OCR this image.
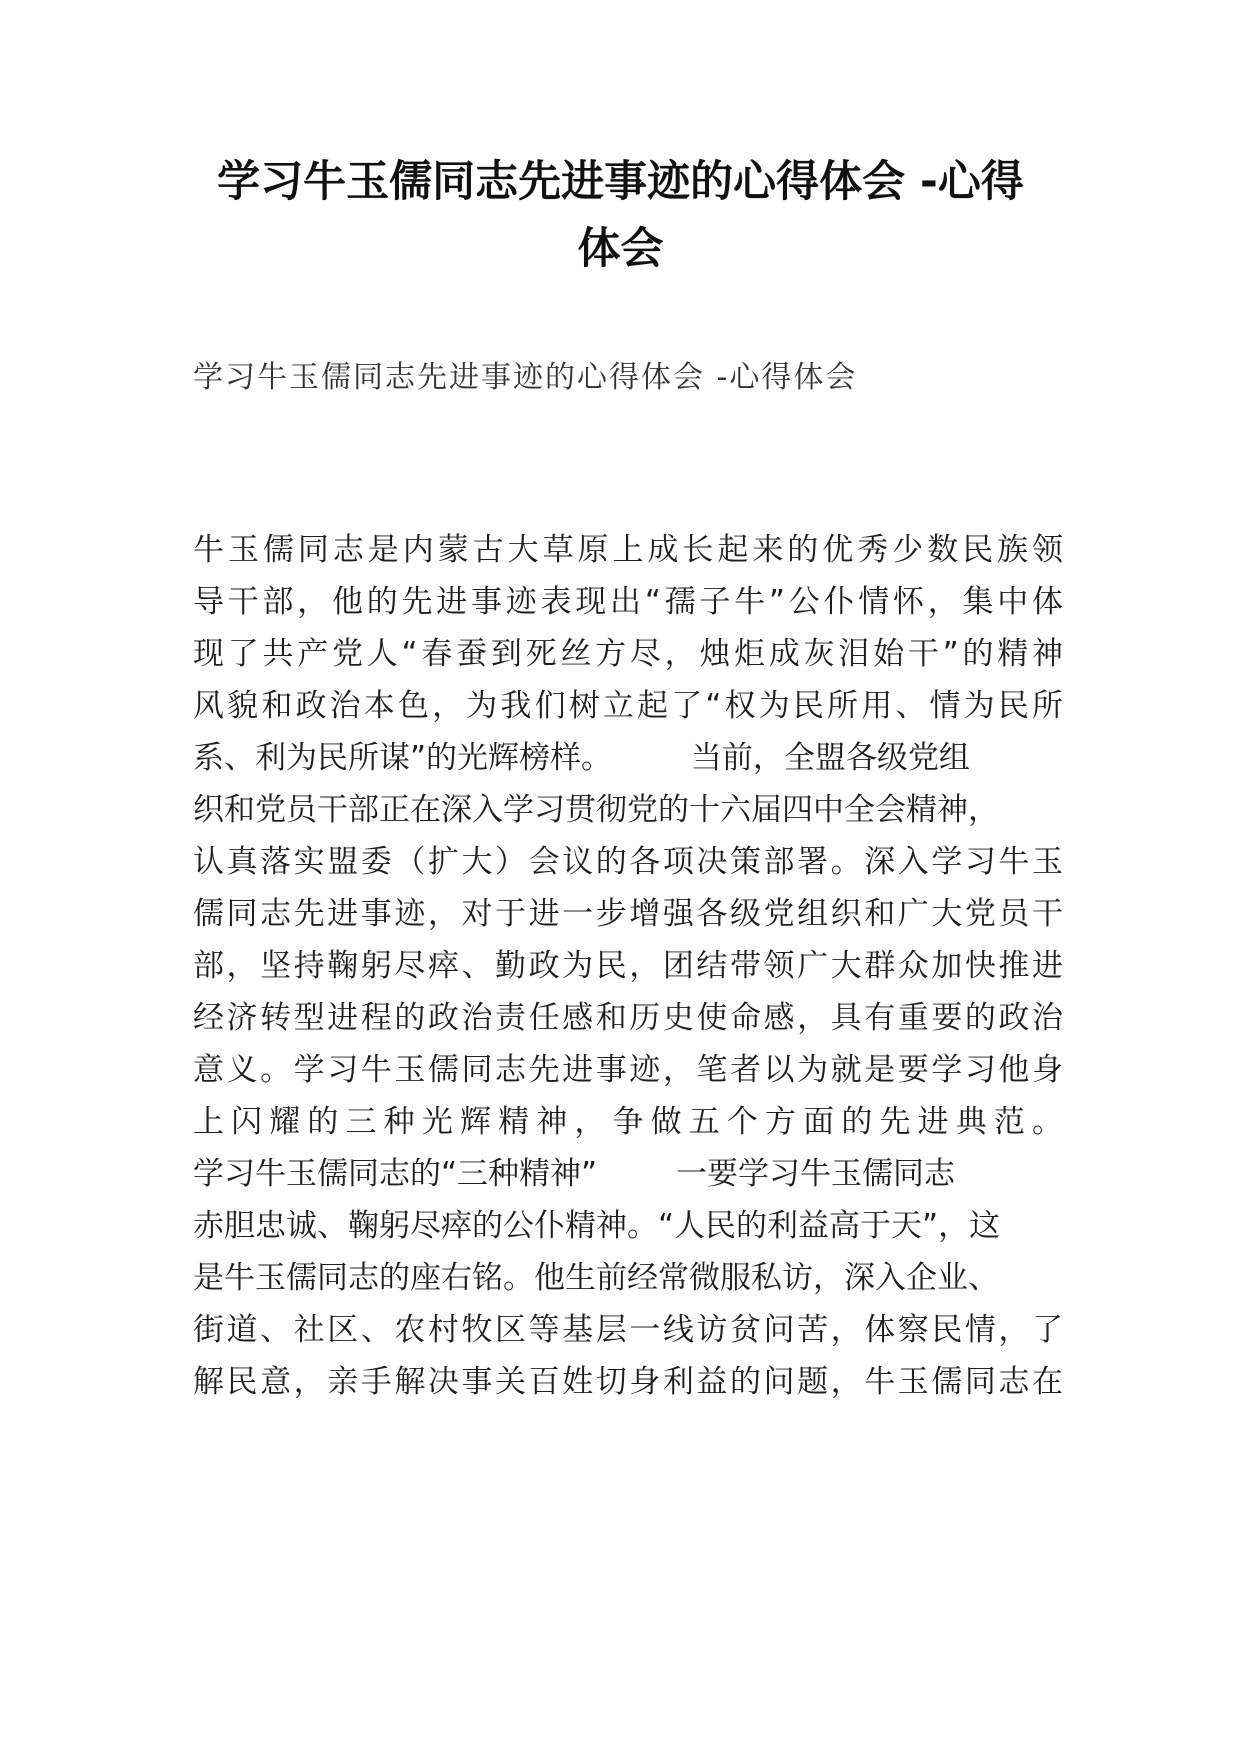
学习牛玉儒同志先进事迹的心得体会 -心得
体会
学习牛玉儒同志先进事迹的心得体会 -心得体会
牛玉儒同志是内蒙古大草原上成长起来的优秀少数民族领
导干部，他的先进事迹表现出“孺子牛”公仆情怀，集中体
现了共产党人“春蚕到死丝方尽，烛炬成灰泪始干”的精神
风貌和政治本色，为我们树立起了“权为民所用、情为民所
系、利为民所谋”的光辉榜样。        当前，全盟各级党组
织和党员干部正在深入学习贯彻党的十六届四中全会精神，
认真落实盟委（扩大）会议的各项决策部署。深入学习牛玉
儒同志先进事迹，对于进一步增强各级党组织和广大党员干
部，坚持鞠躬尽瘁、勤政为民，团结带领广大群众加快推进
经济转型进程的政治责任感和历史使命感，具有重要的政治
意义。学习牛玉儒同志先进事迹，笔者以为就是要学习他身
上闪耀的三种光辉精神，争做五个方面的先进典范。
学习牛玉儒同志的“三种精神”        一要学习牛玉儒同志
赤胆忠诚、鞠躬尽瘁的公仆精神。“人民的利益高于天”，这
是牛玉儒同志的座右铭。他生前经常微服私访，深入企业、
街道、社区、农村牧区等基层一线访贫问苦，体察民情，了
解民意，亲手解决事关百姓切身利益的问题，牛玉儒同志在
